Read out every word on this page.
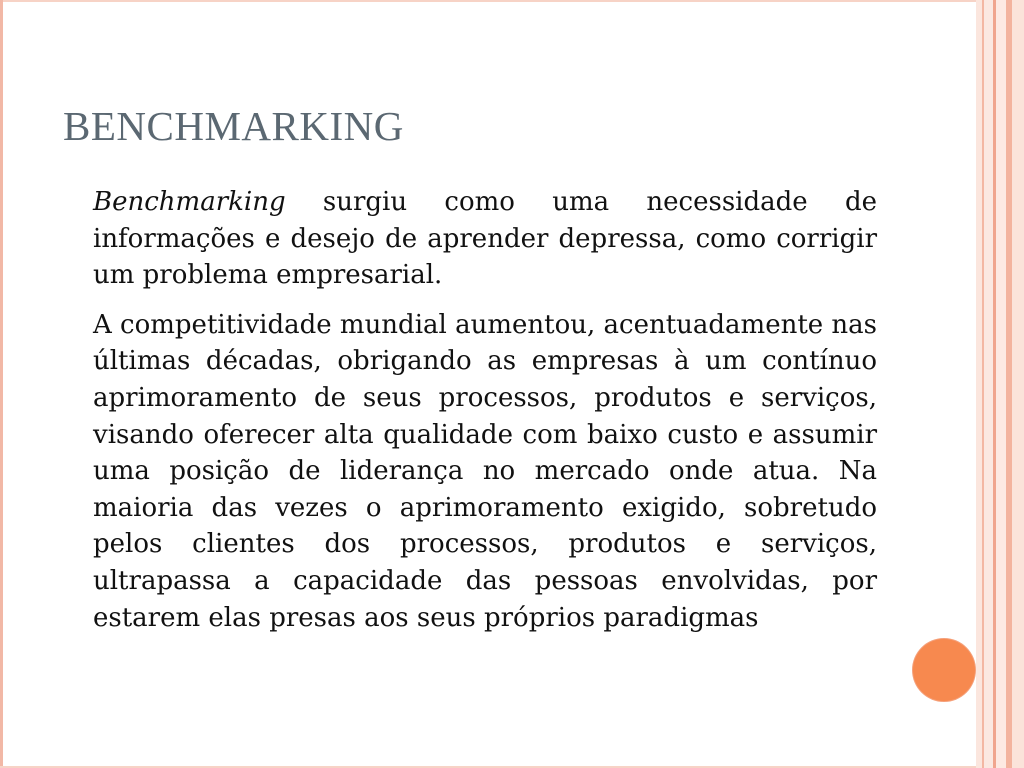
BENCHMARKING

Benchmarking surgiu como uma necessidade de informações e desejo de aprender depressa, como corrigir um problema empresarial.

A competitividade mundial aumentou, acentuadamente nas últimas décadas, obrigando as empresas à um contínuo aprimoramento de seus processos, produtos e serviços, visando oferecer alta qualidade com baixo custo e assumir uma posição de liderança no mercado onde atua. Na maioria das vezes o aprimoramento exigido, sobretudo pelos clientes dos processos, produtos e serviços, ultrapassa a capacidade das pessoas envolvidas, por estarem elas presas aos seus próprios paradigmas
